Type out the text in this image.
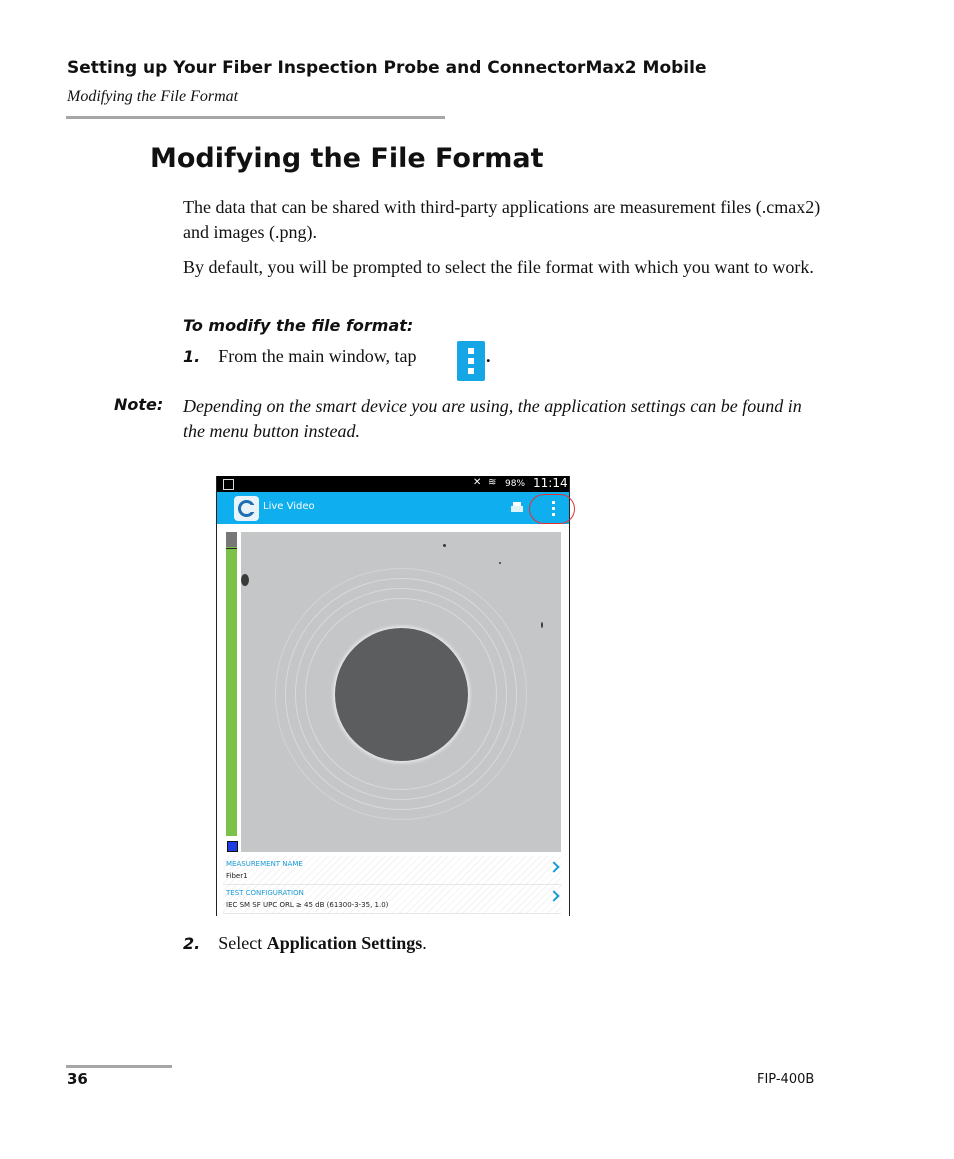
Setting up Your Fiber Inspection Probe and ConnectorMax2 Mobile
Modifying the File Format
Modifying the File Format
The data that can be shared with third-party applications are measurement files (.cmax2) and images (.png).
By default, you will be prompted to select the file format with which you want to work.
To modify the file format:
1. From the main window, tap	.
Note: Depending on the smart device you are using, the application settings can be found in the menu button instead.
✕ ≋ 98% 11:14
Live Video
MEASUREMENT NAME
Fiber1
TEST CONFIGURATION
IEC SM SF UPC ORL ≥ 45 dB (61300-3-35, 1.0)
2. Select Application Settings.
36	FIP-400B
